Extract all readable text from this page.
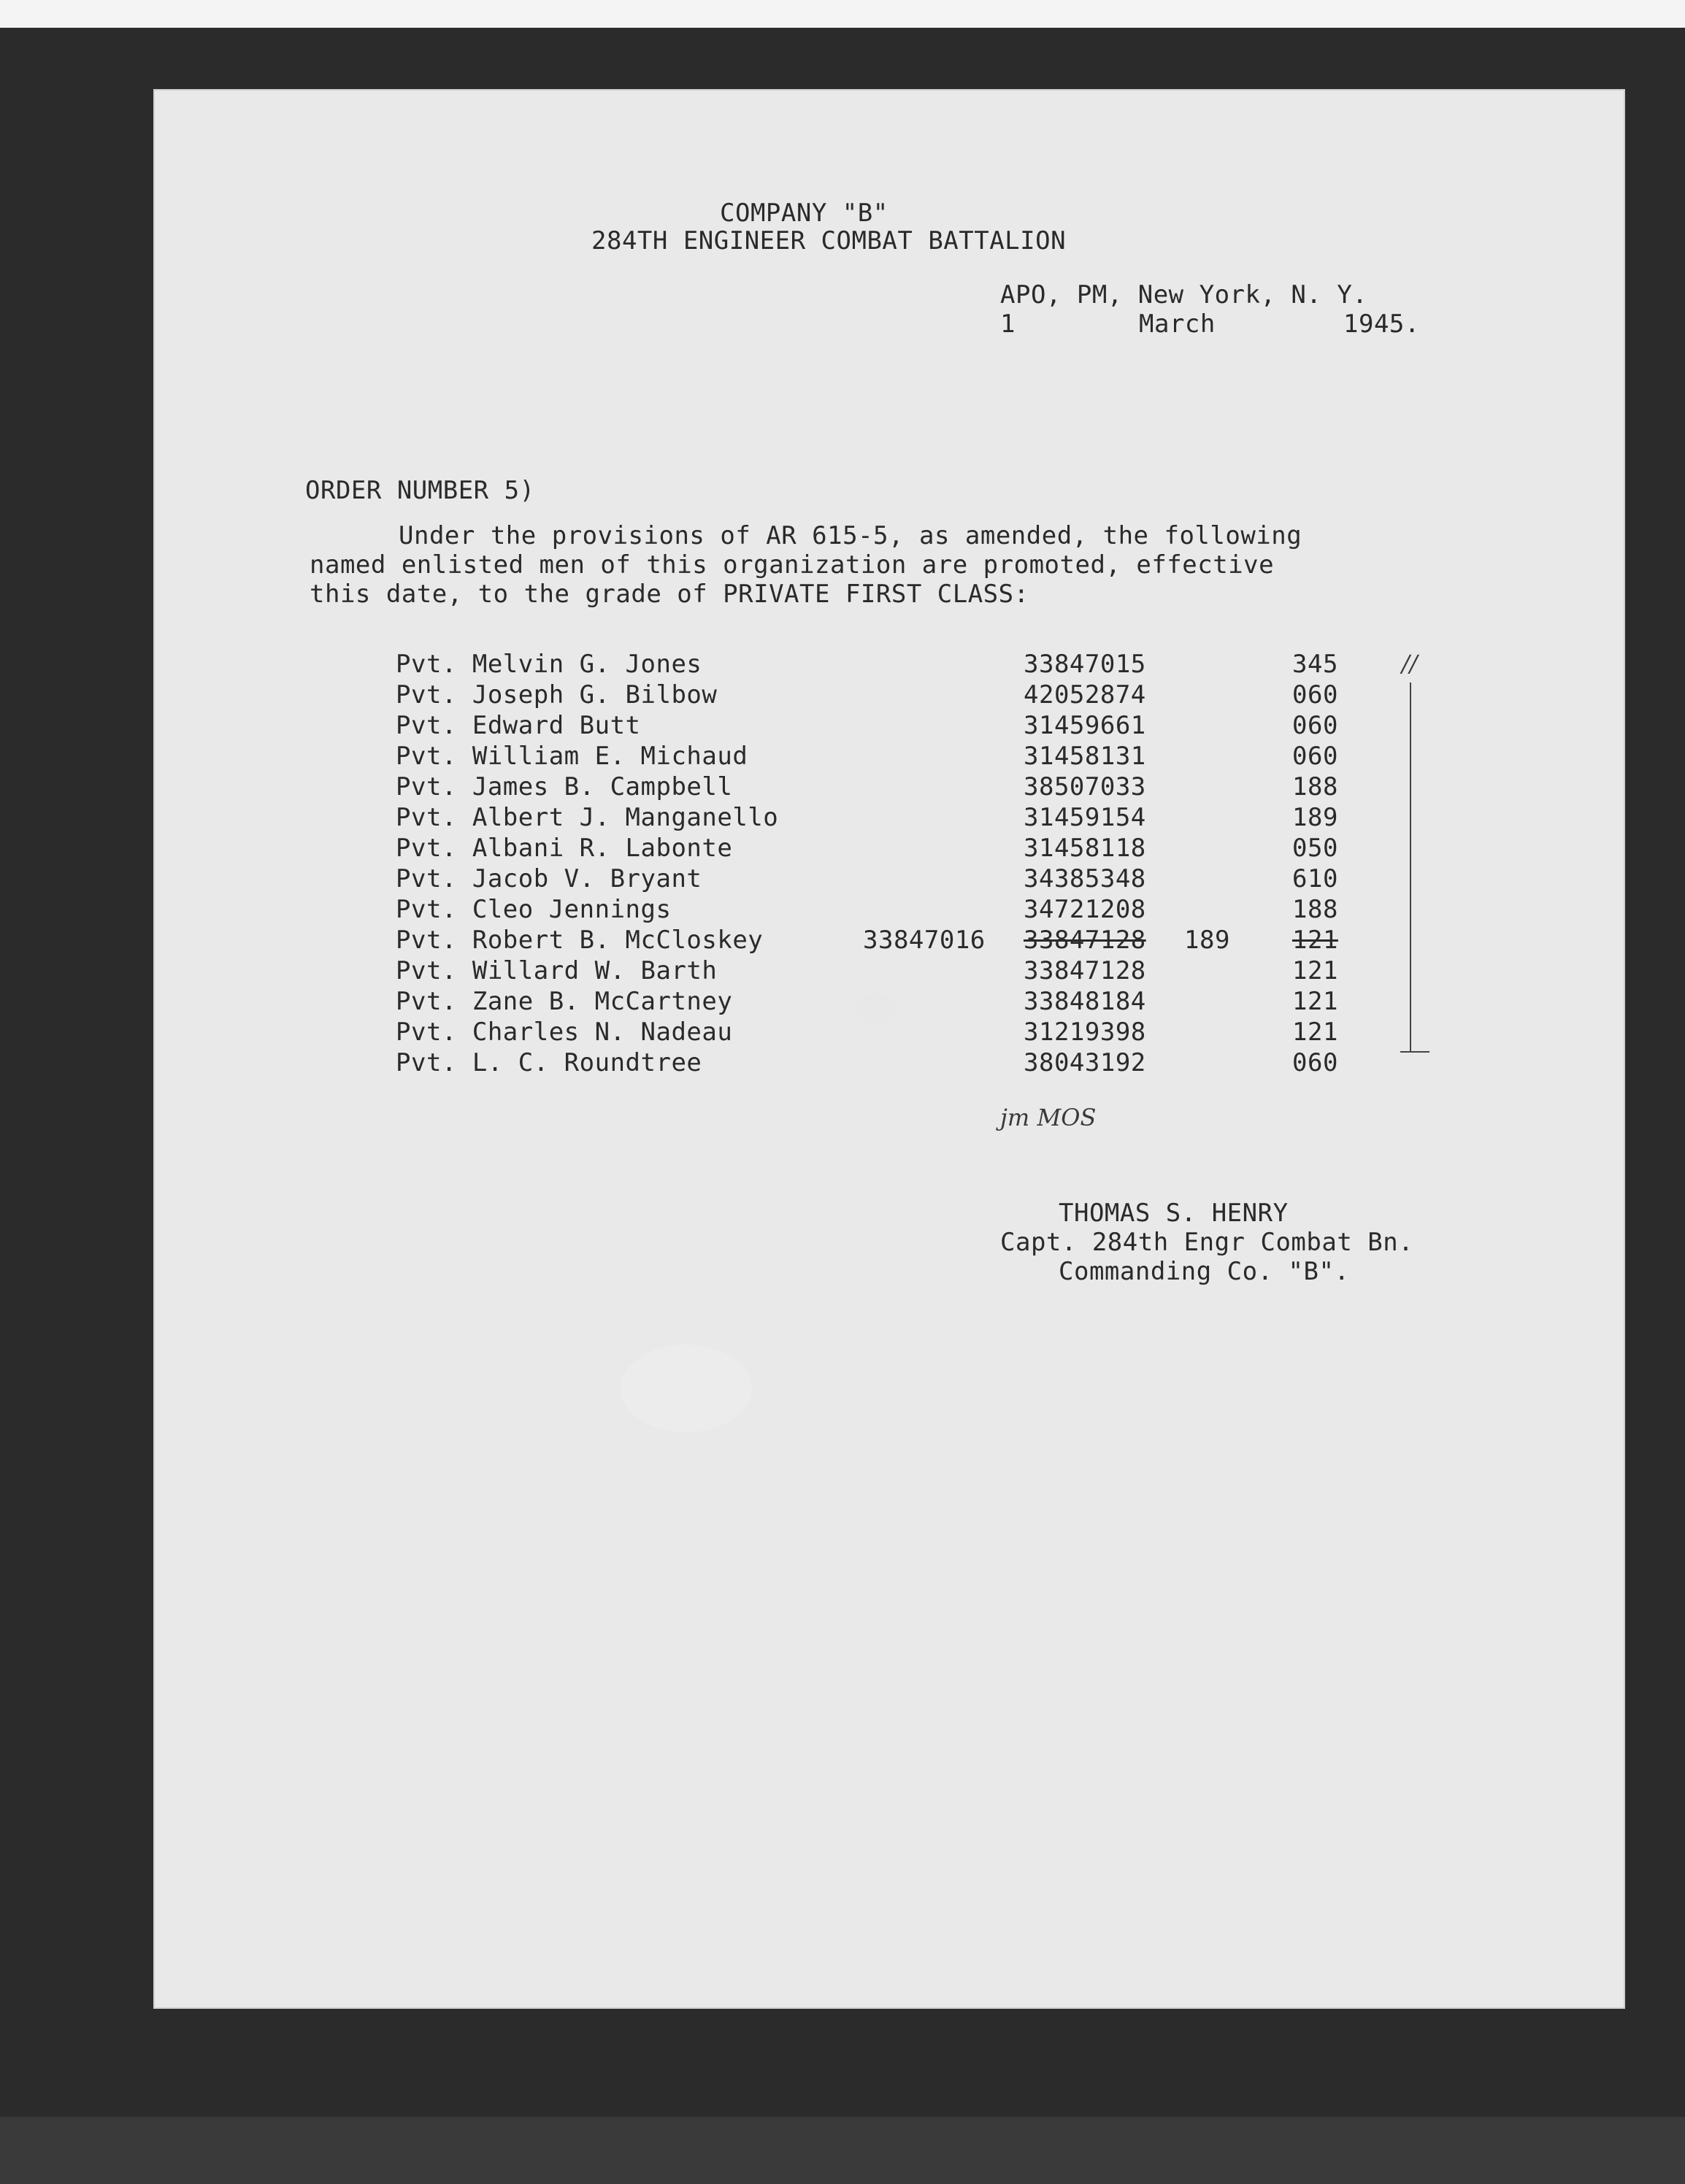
COMPANY "B"
284TH ENGINEER COMBAT BATTALION
APO, PM, New York, N. Y.
1	March	1945.
ORDER NUMBER 5)
Under the provisions of AR 615-5, as amended, the following
named enlisted men of this organization are promoted, effective
this date, to the grade of PRIVATE FIRST CLASS:
Pvt. Melvin G. Jones	33847015	345
Pvt. Joseph G. Bilbow	42052874	060
Pvt. Edward Butt	31459661	060
Pvt. William E. Michaud	31458131	060
Pvt. James B. Campbell	38507033	188
Pvt. Albert J. Manganello	31459154	189
Pvt. Albani R. Labonte	31458118	050
Pvt. Jacob V. Bryant	34385348	610
Pvt. Cleo Jennings	34721208	188
Pvt. Robert B. McCloskey	33847016 33847128 189	121
Pvt. Willard W. Barth	33847128	121
Pvt. Zane B. McCartney	33848184	121
Pvt. Charles N. Nadeau	31219398	121
Pvt. L. C. Roundtree	38043192	060
//
jm MOS
THOMAS S. HENRY
Capt. 284th Engr Combat Bn.
Commanding Co. "B".
